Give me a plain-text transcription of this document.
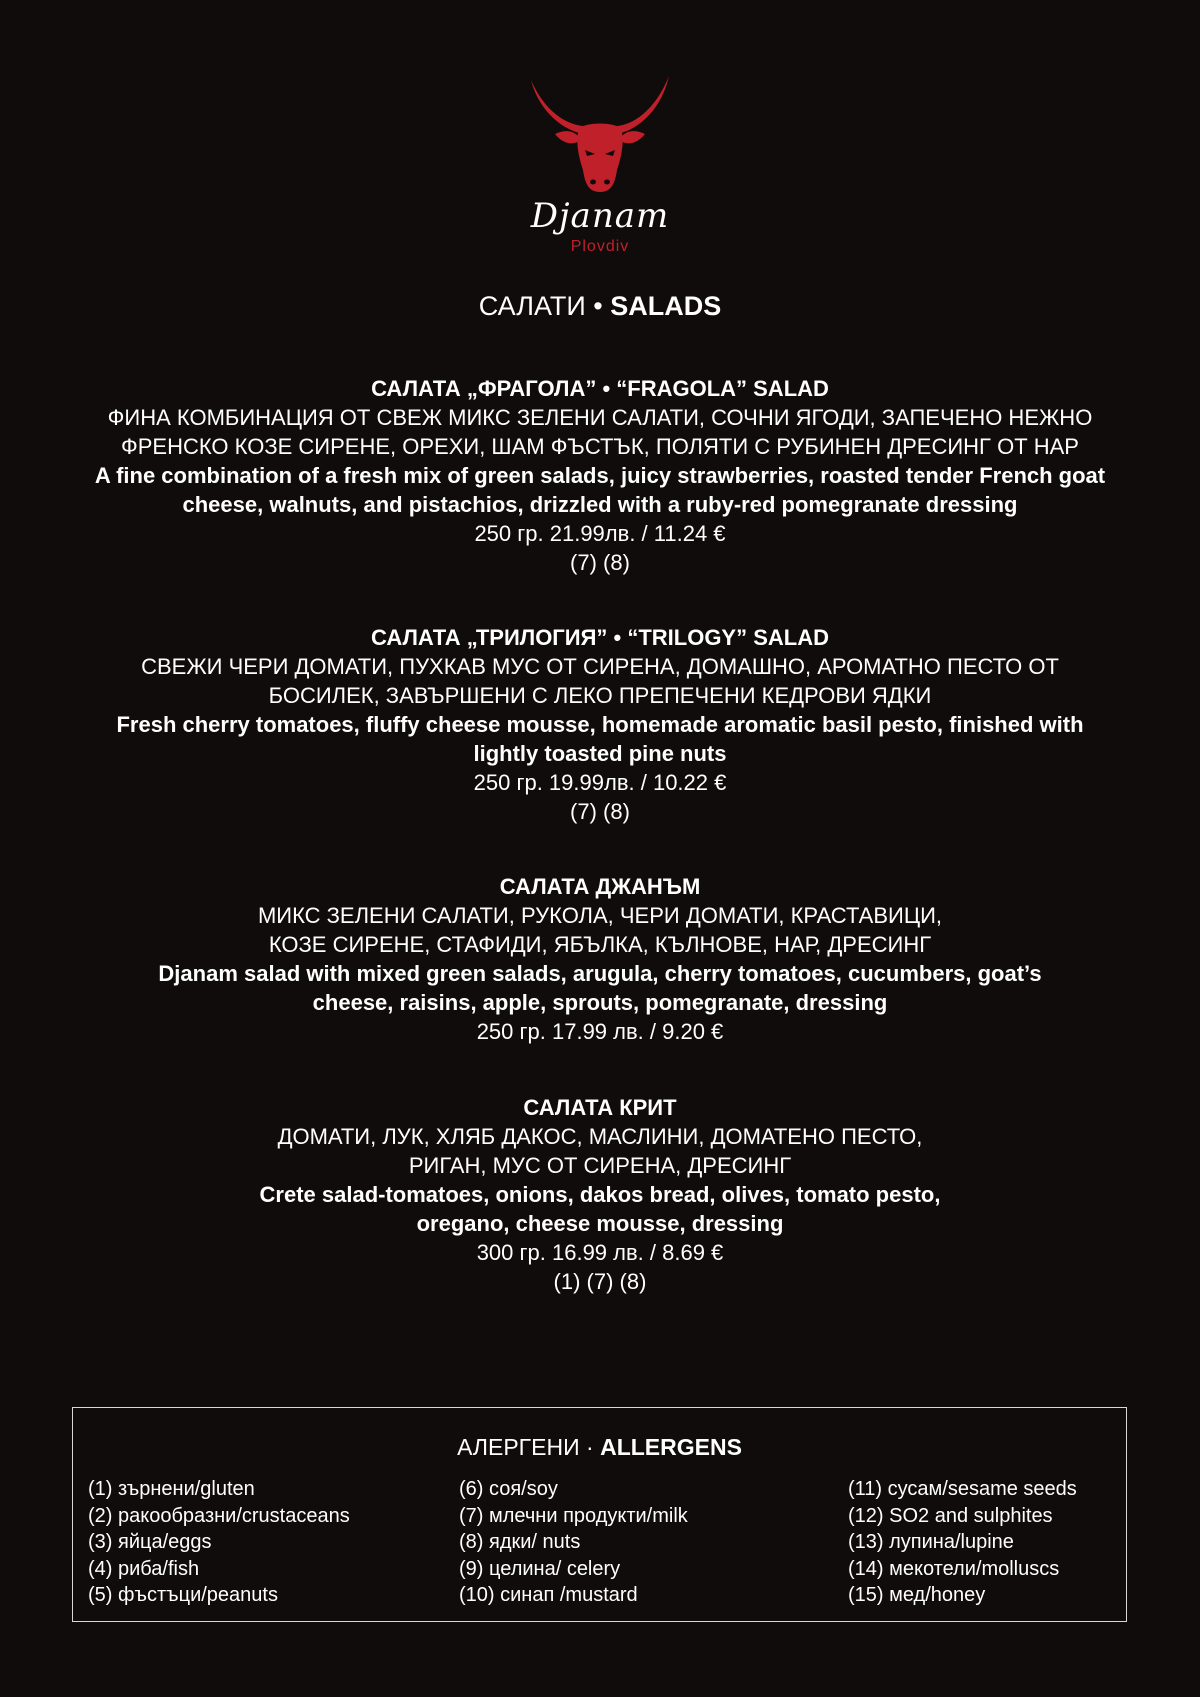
Djanam
Plovdiv
САЛАТИ • SALADS
САЛАТА „ФРАГОЛА” • “FRAGOLA” SALAD
ФИНА КОМБИНАЦИЯ ОТ СВЕЖ МИКС ЗЕЛЕНИ САЛАТИ, СОЧНИ ЯГОДИ, ЗАПЕЧЕНО НЕЖНО
ФРЕНСКО КОЗЕ СИРЕНЕ, ОРЕХИ, ШАМ ФЪСТЪК, ПОЛЯТИ С РУБИНЕН ДРЕСИНГ ОТ НАР
A fine combination of a fresh mix of green salads, juicy strawberries, roasted tender French goat
cheese, walnuts, and pistachios, drizzled with a ruby-red pomegranate dressing
250 гр. 21.99лв. / 11.24 €
(7) (8)
САЛАТА „ТРИЛОГИЯ” • “TRILOGY” SALAD
СВЕЖИ ЧЕРИ ДОМАТИ, ПУХКАВ МУС ОТ СИРЕНА, ДОМАШНО, АРОМАТНО ПЕСТО ОТ
БОСИЛЕК, ЗАВЪРШЕНИ С ЛЕКО ПРЕПЕЧЕНИ КЕДРОВИ ЯДКИ
Fresh cherry tomatoes, fluffy cheese mousse, homemade aromatic basil pesto, finished with
lightly toasted pine nuts
250 гр. 19.99лв. / 10.22 €
(7) (8)
САЛАТА ДЖАНЪМ
МИКС ЗЕЛЕНИ САЛАТИ, РУКОЛА, ЧЕРИ ДОМАТИ, КРАСТАВИЦИ,
КОЗЕ СИРЕНЕ, СТАФИДИ, ЯБЪЛКА, КЪЛНОВЕ, НАР, ДРЕСИНГ
Djanam salad with mixed green salads, arugula, cherry tomatoes, cucumbers, goat’s
cheese, raisins, apple, sprouts, pomegranate, dressing
250 гр. 17.99 лв. / 9.20 €
САЛАТА КРИТ
ДОМАТИ, ЛУК, ХЛЯБ ДАКОС, МАСЛИНИ, ДОМАТЕНО ПЕСТО,
РИГАН, МУС ОТ СИРЕНА, ДРЕСИНГ
Crete salad-tomatoes, onions, dakos bread, olives, tomato pesto,
oregano, cheese mousse, dressing
300 гр. 16.99 лв. / 8.69 €
(1) (7) (8)
АЛЕРГЕНИ · ALLERGENS
(1) зърнени/gluten
(2) ракообразни/crustaceans
(3) яйца/eggs
(4) риба/fish
(5) фъстъци/peanuts
(6) соя/soy
(7) млечни продукти/milk
(8) ядки/ nuts
(9) целина/ celery
(10) синап /mustard
(11) сусам/sesame seeds
(12) SO2 and sulphites
(13) лупина/lupine
(14) мекотели/molluscs
(15) мед/honey
